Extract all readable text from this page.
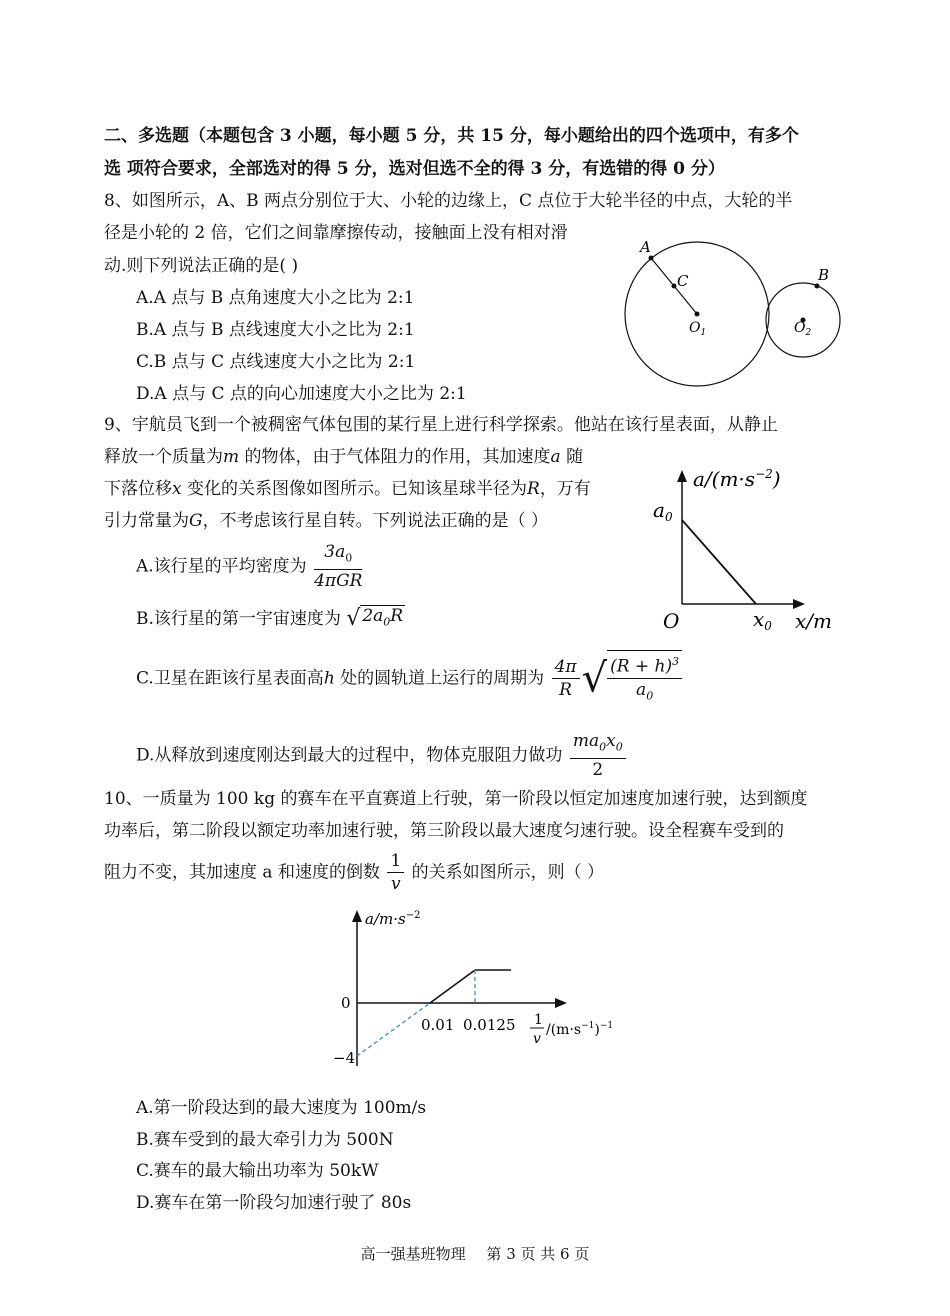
二、多选题（本题包含 3 小题，每小题 5 分，共 15 分，每小题给出的四个选项中，有多个
选 项符合要求，全部选对的得 5 分，选对但选不全的得 3 分，有选错的得 0 分）
8、如图所示，A、B 两点分别位于大、小轮的边缘上，C 点位于大轮半径的中点，大轮的半
径是小轮的 2 倍，它们之间靠摩擦传动，接触面上没有相对滑
动.则下列说法正确的是( )
A.A 点与 B 点角速度大小之比为 2:1
B.A 点与 B 点线速度大小之比为 2:1
C.B 点与 C 点线速度大小之比为 2:1
D.A 点与 C 点的向心加速度大小之比为 2:1
A
C	B
$O_1$	$O_2$
9、宇航员飞到一个被稠密气体包围的某行星上进行科学探索。他站在该行星表面，从静止
释放一个质量为m 的物体，由于气体阻力的作用，其加速度a 随
下落位移x 变化的关系图像如图所示。已知该星球半径为R，万有
引力常量为G，不考虑该行星自转。下列说法正确的是（ ）
A.该行星的平均密度为 $\frac{3a_0}{\text{4πGR}}$
B.该行星的第一宇宙速度为 √ $2a_0R$
C.卫星在距该行星表面高h 处的圆轨道上运行的周期为 $\frac{4\pi}{R}$ √ $\frac{(R + h)^3}{a_0}$
D.从释放到速度刚达到最大的过程中，物体克服阻力做功 $\frac{ma_0x_0}{2}$
$a/(m\cdot s^{-2})$
$a_0$
O	$x_0$ x/m
10、一质量为 100 kg 的赛车在平直赛道上行驶，第一阶段以恒定加速度加速行驶，达到额度
功率后，第二阶段以额定功率加速行驶，第三阶段以最大速度匀速行驶。设全程赛车受到的
阻力不变，其加速度 a 和速度的倒数 $\frac{1}{v}$ 的关系如图所示，则（ ）
$a/m\cdot s^{-2}$
0
−4
0.01 0.0125 1
v
$/(m\cdot s^{-1})^{-1}$
A.第一阶段达到的最大速度为 100m/s
B.赛车受到的最大牵引力为 500N
C.赛车的最大输出功率为 50kW
D.赛车在第一阶段匀加速行驶了 80s
高一强基班物理 第 3 页 共 6 页
